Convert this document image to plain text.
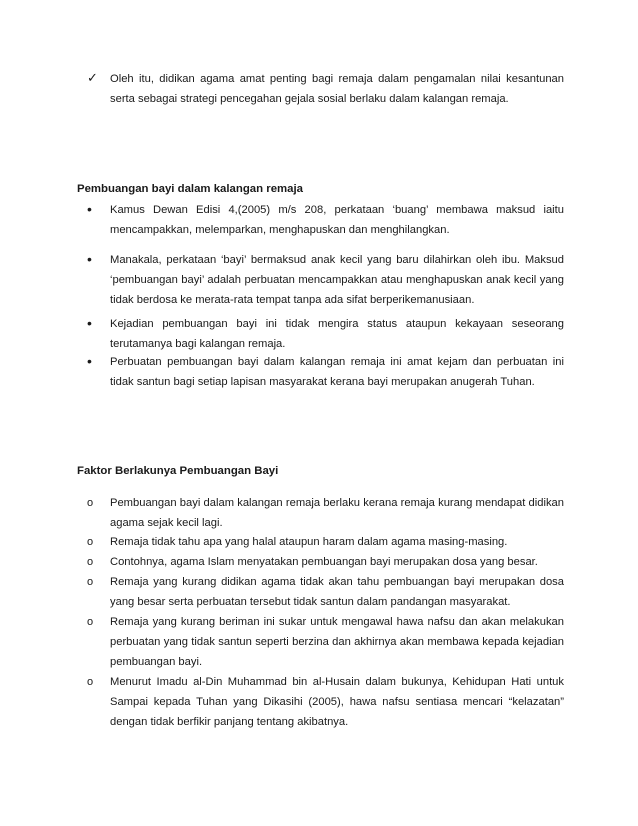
✓	Oleh itu, didikan agama amat penting bagi remaja dalam pengamalan nilai kesantunan serta sebagai strategi pencegahan gejala sosial berlaku dalam kalangan remaja.
Pembuangan bayi dalam kalangan remaja
•	Kamus Dewan Edisi 4,(2005) m/s 208, perkataan ‘buang’ membawa maksud iaitu mencampakkan, melemparkan, menghapuskan dan menghilangkan.
•	Manakala, perkataan ‘bayi’ bermaksud anak kecil yang baru dilahirkan oleh ibu. Maksud ‘pembuangan bayi’ adalah perbuatan mencampakkan atau menghapuskan anak kecil yang tidak berdosa ke merata-rata tempat tanpa ada sifat berperikemanusiaan.
•	Kejadian pembuangan bayi ini tidak mengira status ataupun kekayaan seseorang terutamanya bagi kalangan remaja.
•	Perbuatan pembuangan bayi dalam kalangan remaja ini amat kejam dan perbuatan ini tidak santun bagi setiap lapisan masyarakat kerana bayi merupakan anugerah Tuhan.
Faktor Berlakunya Pembuangan Bayi
o	Pembuangan bayi dalam kalangan remaja berlaku kerana remaja kurang mendapat didikan agama sejak kecil lagi.
o	Remaja tidak tahu apa yang halal ataupun haram dalam agama masing-masing.
o	Contohnya, agama Islam menyatakan pembuangan bayi merupakan dosa yang besar.
o	Remaja yang kurang didikan agama tidak akan tahu pembuangan bayi merupakan dosa yang besar serta perbuatan tersebut tidak santun dalam pandangan masyarakat.
o	Remaja yang kurang beriman ini sukar untuk mengawal hawa nafsu dan akan melakukan perbuatan yang tidak santun seperti berzina dan akhirnya akan membawa kepada kejadian pembuangan bayi.
o	Menurut Imadu al-Din Muhammad bin al-Husain dalam bukunya, Kehidupan Hati untuk Sampai kepada Tuhan yang Dikasihi (2005), hawa nafsu sentiasa mencari “kelazatan” dengan tidak berfikir panjang tentang akibatnya.
